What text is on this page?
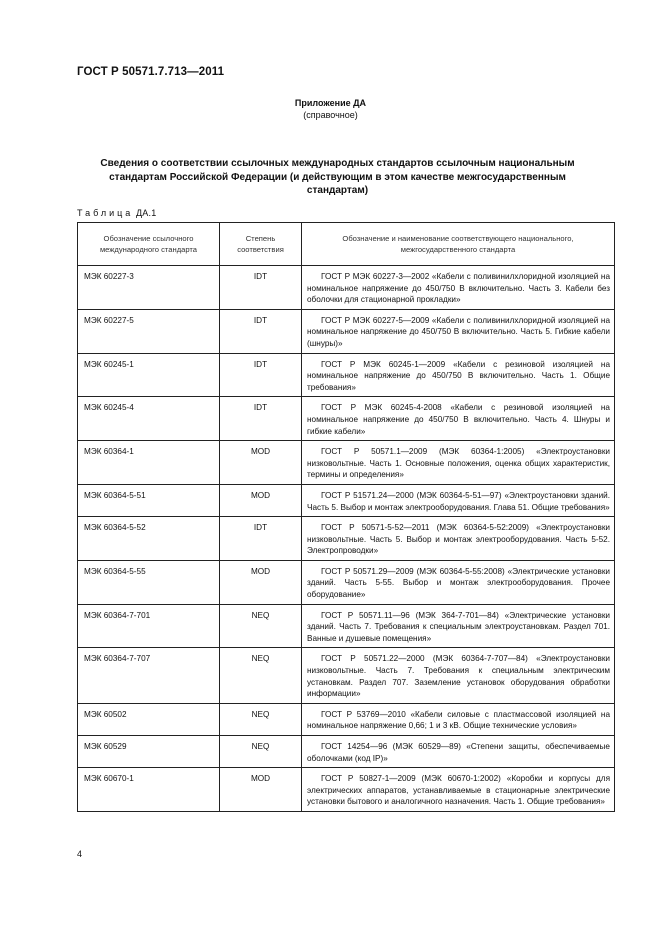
ГОСТ Р 50571.7.713—2011
Приложение ДА
(справочное)
Сведения о соответствии ссылочных международных стандартов ссылочным национальным стандартам Российской Федерации (и действующим в этом качестве межгосударственным стандартам)
Таблица ДА.1
Обозначение ссылочного международного стандарта	Степень соответствия	Обозначение и наименование соответствующего национального, межгосударственного стандарта
МЭК 60227-3	IDT	ГОСТ Р МЭК 60227-3—2002 «Кабели с поливинилхлоридной изоляцией на номинальное напряжение до 450/750 В включительно. Часть 3. Кабели без оболочки для стационарной прокладки»
МЭК 60227-5	IDT	ГОСТ Р МЭК 60227-5—2009 «Кабели с поливинилхлоридной изоляцией на номинальное напряжение до 450/750 В включительно. Часть 5. Гибкие кабели (шнуры)»
МЭК 60245-1	IDT	ГОСТ Р МЭК 60245-1—2009 «Кабели с резиновой изоляцией на номинальное напряжение до 450/750 В включительно. Часть 1. Общие требования»
МЭК 60245-4	IDT	ГОСТ Р МЭК 60245-4-2008 «Кабели с резиновой изоляцией на номинальное напряжение до 450/750 В включительно. Часть 4. Шнуры и гибкие кабели»
МЭК 60364-1	MOD	ГОСТ Р 50571.1—2009 (МЭК 60364-1:2005) «Электроустановки низковольтные. Часть 1. Основные положения, оценка общих характеристик, термины и определения»
МЭК 60364-5-51	MOD	ГОСТ Р 51571.24—2000 (МЭК 60364-5-51—97) «Электроустановки зданий. Часть 5. Выбор и монтаж электрооборудования. Глава 51. Общие требования»
МЭК 60364-5-52	IDT	ГОСТ Р 50571-5-52—2011 (МЭК 60364-5-52:2009) «Электроустановки низковольтные. Часть 5. Выбор и монтаж электрооборудования. Часть 5-52. Электропроводки»
МЭК 60364-5-55	MOD	ГОСТ Р 50571.29—2009 (МЭК 60364-5-55:2008) «Электрические установки зданий. Часть 5-55. Выбор и монтаж электрооборудования. Прочее оборудование»
МЭК 60364-7-701	NEQ	ГОСТ Р 50571.11—96 (МЭК 364-7-701—84) «Электрические установки зданий. Часть 7. Требования к специальным электроустановкам. Раздел 701. Ванные и душевые помещения»
МЭК 60364-7-707	NEQ	ГОСТ Р 50571.22—2000 (МЭК 60364-7-707—84) «Электроустановки низковольтные. Часть 7. Требования к специальным электрическим установкам. Раздел 707. Заземление установок оборудования обработки информации»
МЭК 60502	NEQ	ГОСТ Р 53769—2010 «Кабели силовые с пластмассовой изоляцией на номинальное напряжение 0,66; 1 и 3 кВ. Общие технические условия»
МЭК 60529	NEQ	ГОСТ 14254—96 (МЭК 60529—89) «Степени защиты, обеспечиваемые оболочками (код IP)»
МЭК 60670-1	MOD	ГОСТ Р 50827-1—2009 (МЭК 60670-1:2002) «Коробки и корпусы для электрических аппаратов, устанавливаемые в стационарные электрические установки бытового и аналогичного назначения. Часть 1. Общие требования»
4
